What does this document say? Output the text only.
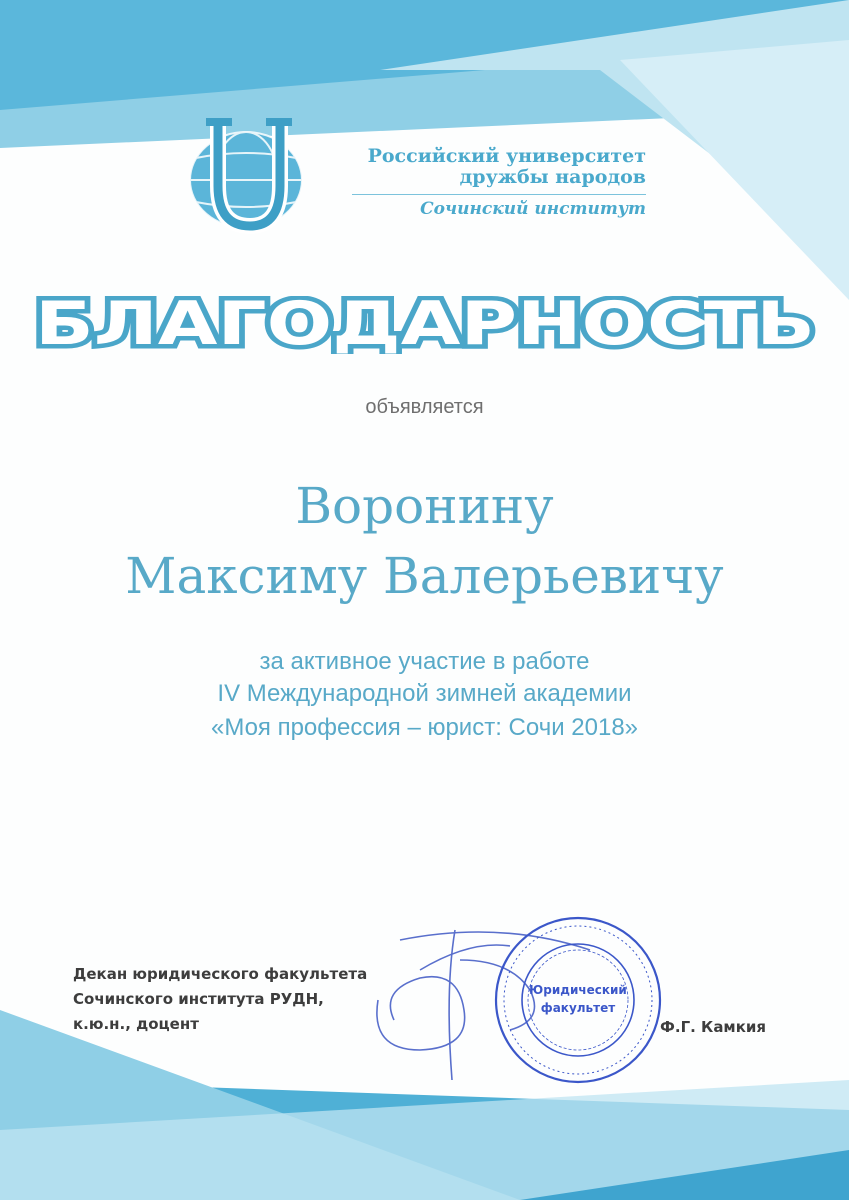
Российский университет
дружбы народов
Сочинский институт
БЛАГОДАРНОСТЬ
объявляется
Воронину
Максиму Валерьевичу
за активное участие в работе
IV Международной зимней академии
«Моя профессия – юрист: Сочи 2018»
Декан юридического факультета
Сочинского института РУДН,
к.ю.н., доцент
Юридический
факультет
Ф.Г. Камкия
